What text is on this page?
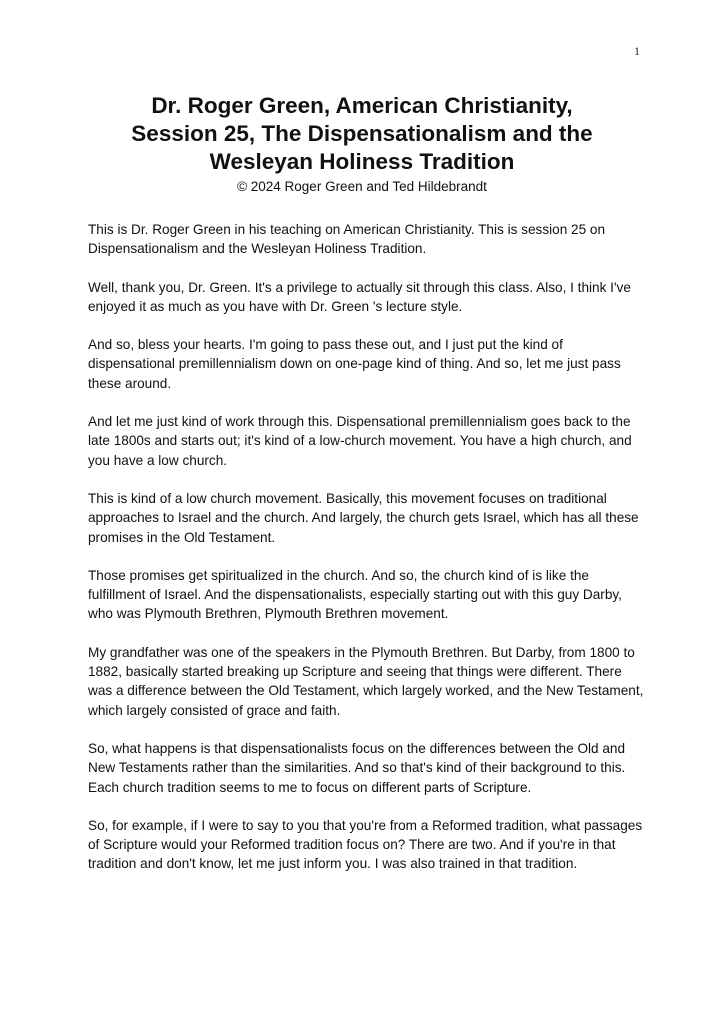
1
Dr. Roger Green, American Christianity,
Session 25, The Dispensationalism and the
Wesleyan Holiness Tradition

© 2024 Roger Green and Ted Hildebrandt

This is Dr. Roger Green in his teaching on American Christianity. This is session 25 on Dispensationalism and the Wesleyan Holiness Tradition.

Well, thank you, Dr. Green. It's a privilege to actually sit through this class. Also, I think I've enjoyed it as much as you have with Dr. Green 's lecture style.

And so, bless your hearts. I'm going to pass these out, and I just put the kind of dispensational premillennialism down on one-page kind of thing. And so, let me just pass these around.

And let me just kind of work through this. Dispensational premillennialism goes back to the late 1800s and starts out; it's kind of a low-church movement. You have a high church, and you have a low church.

This is kind of a low church movement. Basically, this movement focuses on traditional approaches to Israel and the church. And largely, the church gets Israel, which has all these promises in the Old Testament.

Those promises get spiritualized in the church. And so, the church kind of is like the fulfillment of Israel. And the dispensationalists, especially starting out with this guy Darby, who was Plymouth Brethren, Plymouth Brethren movement.

My grandfather was one of the speakers in the Plymouth Brethren. But Darby, from 1800 to 1882, basically started breaking up Scripture and seeing that things were different. There was a difference between the Old Testament, which largely worked, and the New Testament, which largely consisted of grace and faith.

So, what happens is that dispensationalists focus on the differences between the Old and New Testaments rather than the similarities. And so that's kind of their background to this. Each church tradition seems to me to focus on different parts of Scripture.

So, for example, if I were to say to you that you're from a Reformed tradition, what passages of Scripture would your Reformed tradition focus on? There are two. And if you're in that tradition and don't know, let me just inform you. I was also trained in that tradition.
